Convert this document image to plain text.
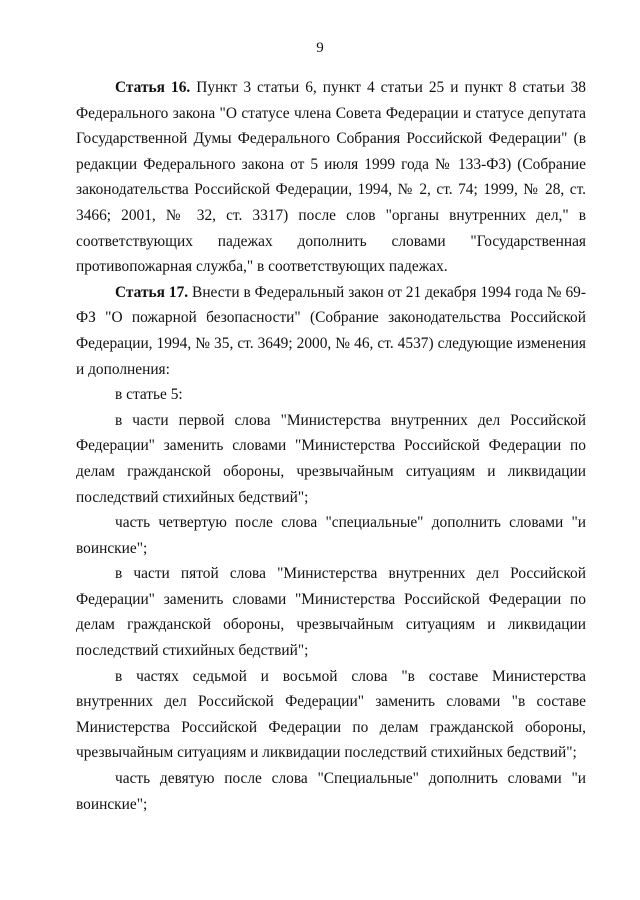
9

Статья 16. Пункт 3 статьи 6, пункт 4 статьи 25 и пункт 8 статьи 38 Федерального закона "О статусе члена Совета Федерации и статусе депутата Государственной Думы Федерального Собрания Российской Федерации" (в редакции Федерального закона от 5 июля 1999 года № 133-ФЗ) (Собрание законодательства Российской Федерации, 1994, № 2, ст. 74; 1999, № 28, ст. 3466; 2001, № 32, ст. 3317) после слов "органы внутренних дел," в соответствующих падежах дополнить словами "Государственная противопожарная служба," в соответствующих падежах.

Статья 17. Внести в Федеральный закон от 21 декабря 1994 года № 69-ФЗ "О пожарной безопасности" (Собрание законодательства Российской Федерации, 1994, № 35, ст. 3649; 2000, № 46, ст. 4537) следующие изменения и дополнения:

в статье 5:

в части первой слова "Министерства внутренних дел Российской Федерации" заменить словами "Министерства Российской Федерации по делам гражданской обороны, чрезвычайным ситуациям и ликвидации последствий стихийных бедствий";

часть четвертую после слова "специальные" дополнить словами "и воинские";

в части пятой слова "Министерства внутренних дел Российской Федерации" заменить словами "Министерства Российской Федерации по делам гражданской обороны, чрезвычайным ситуациям и ликвидации последствий стихийных бедствий";

в частях седьмой и восьмой слова "в составе Министерства внутренних дел Российской Федерации" заменить словами "в составе Министерства Российской Федерации по делам гражданской обороны, чрезвычайным ситуациям и ликвидации последствий стихийных бедствий";

часть девятую после слова "Специальные" дополнить словами "и воинские";
